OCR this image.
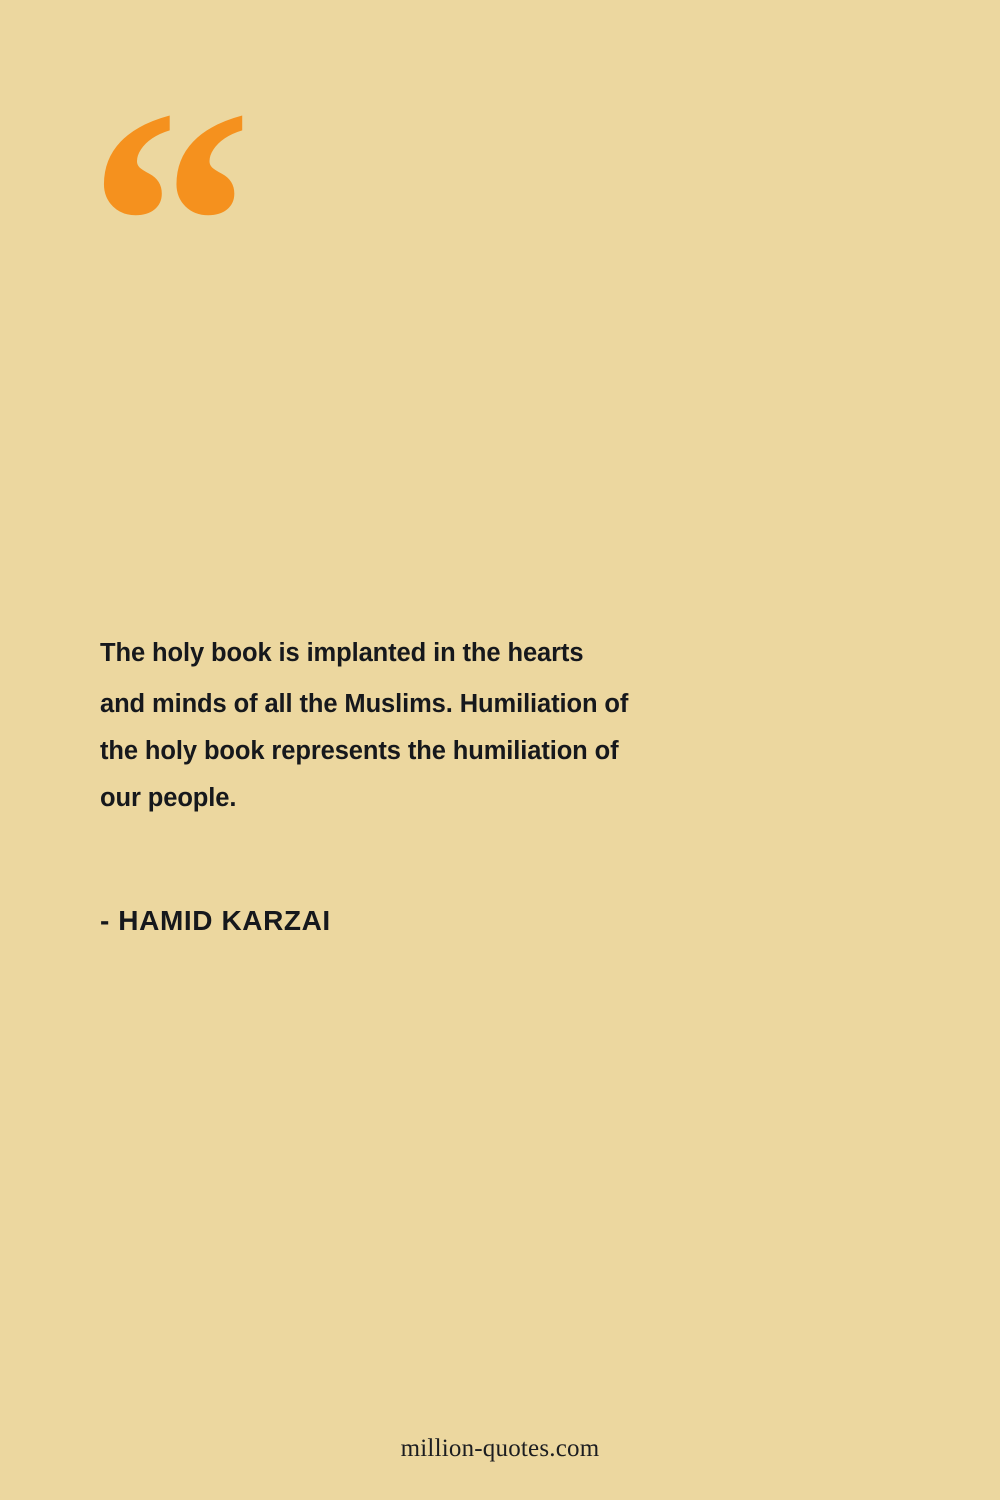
“
The holy book is implanted in the hearts
and minds of all the Muslims. Humiliation of
the holy book represents the humiliation of
our people.
- HAMID KARZAI
million-quotes.com
